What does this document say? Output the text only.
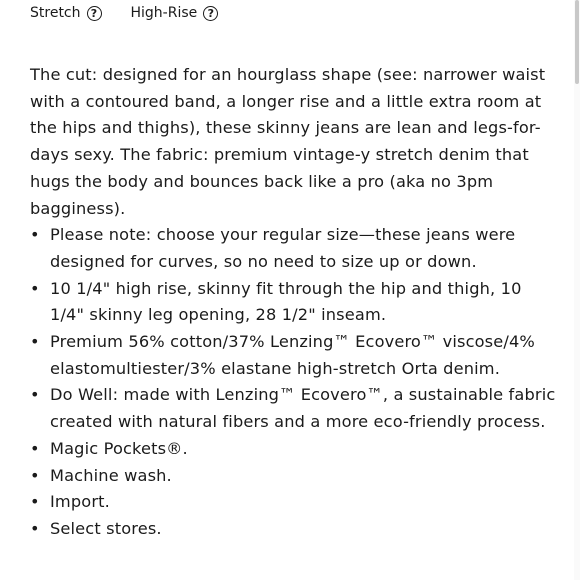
Stretch ?	High-Rise ?

The cut: designed for an hourglass shape (see: narrower waist with a contoured band, a longer rise and a little extra room at the hips and thighs), these skinny jeans are lean and legs-for-days sexy. The fabric: premium vintage-y stretch denim that hugs the body and bounces back like a pro (aka no 3pm bagginess).

• Please note: choose your regular size—these jeans were designed for curves, so no need to size up or down.
• 10 1/4" high rise, skinny fit through the hip and thigh, 10 1/4" skinny leg opening, 28 1/2" inseam.
• Premium 56% cotton/37% Lenzing™ Ecovero™ viscose/4% elastomultiester/3% elastane high-stretch Orta denim.
• Do Well: made with Lenzing™ Ecovero™, a sustainable fabric created with natural fibers and a more eco-friendly process.
• Magic Pockets®.
• Machine wash.
• Import.
• Select stores.
